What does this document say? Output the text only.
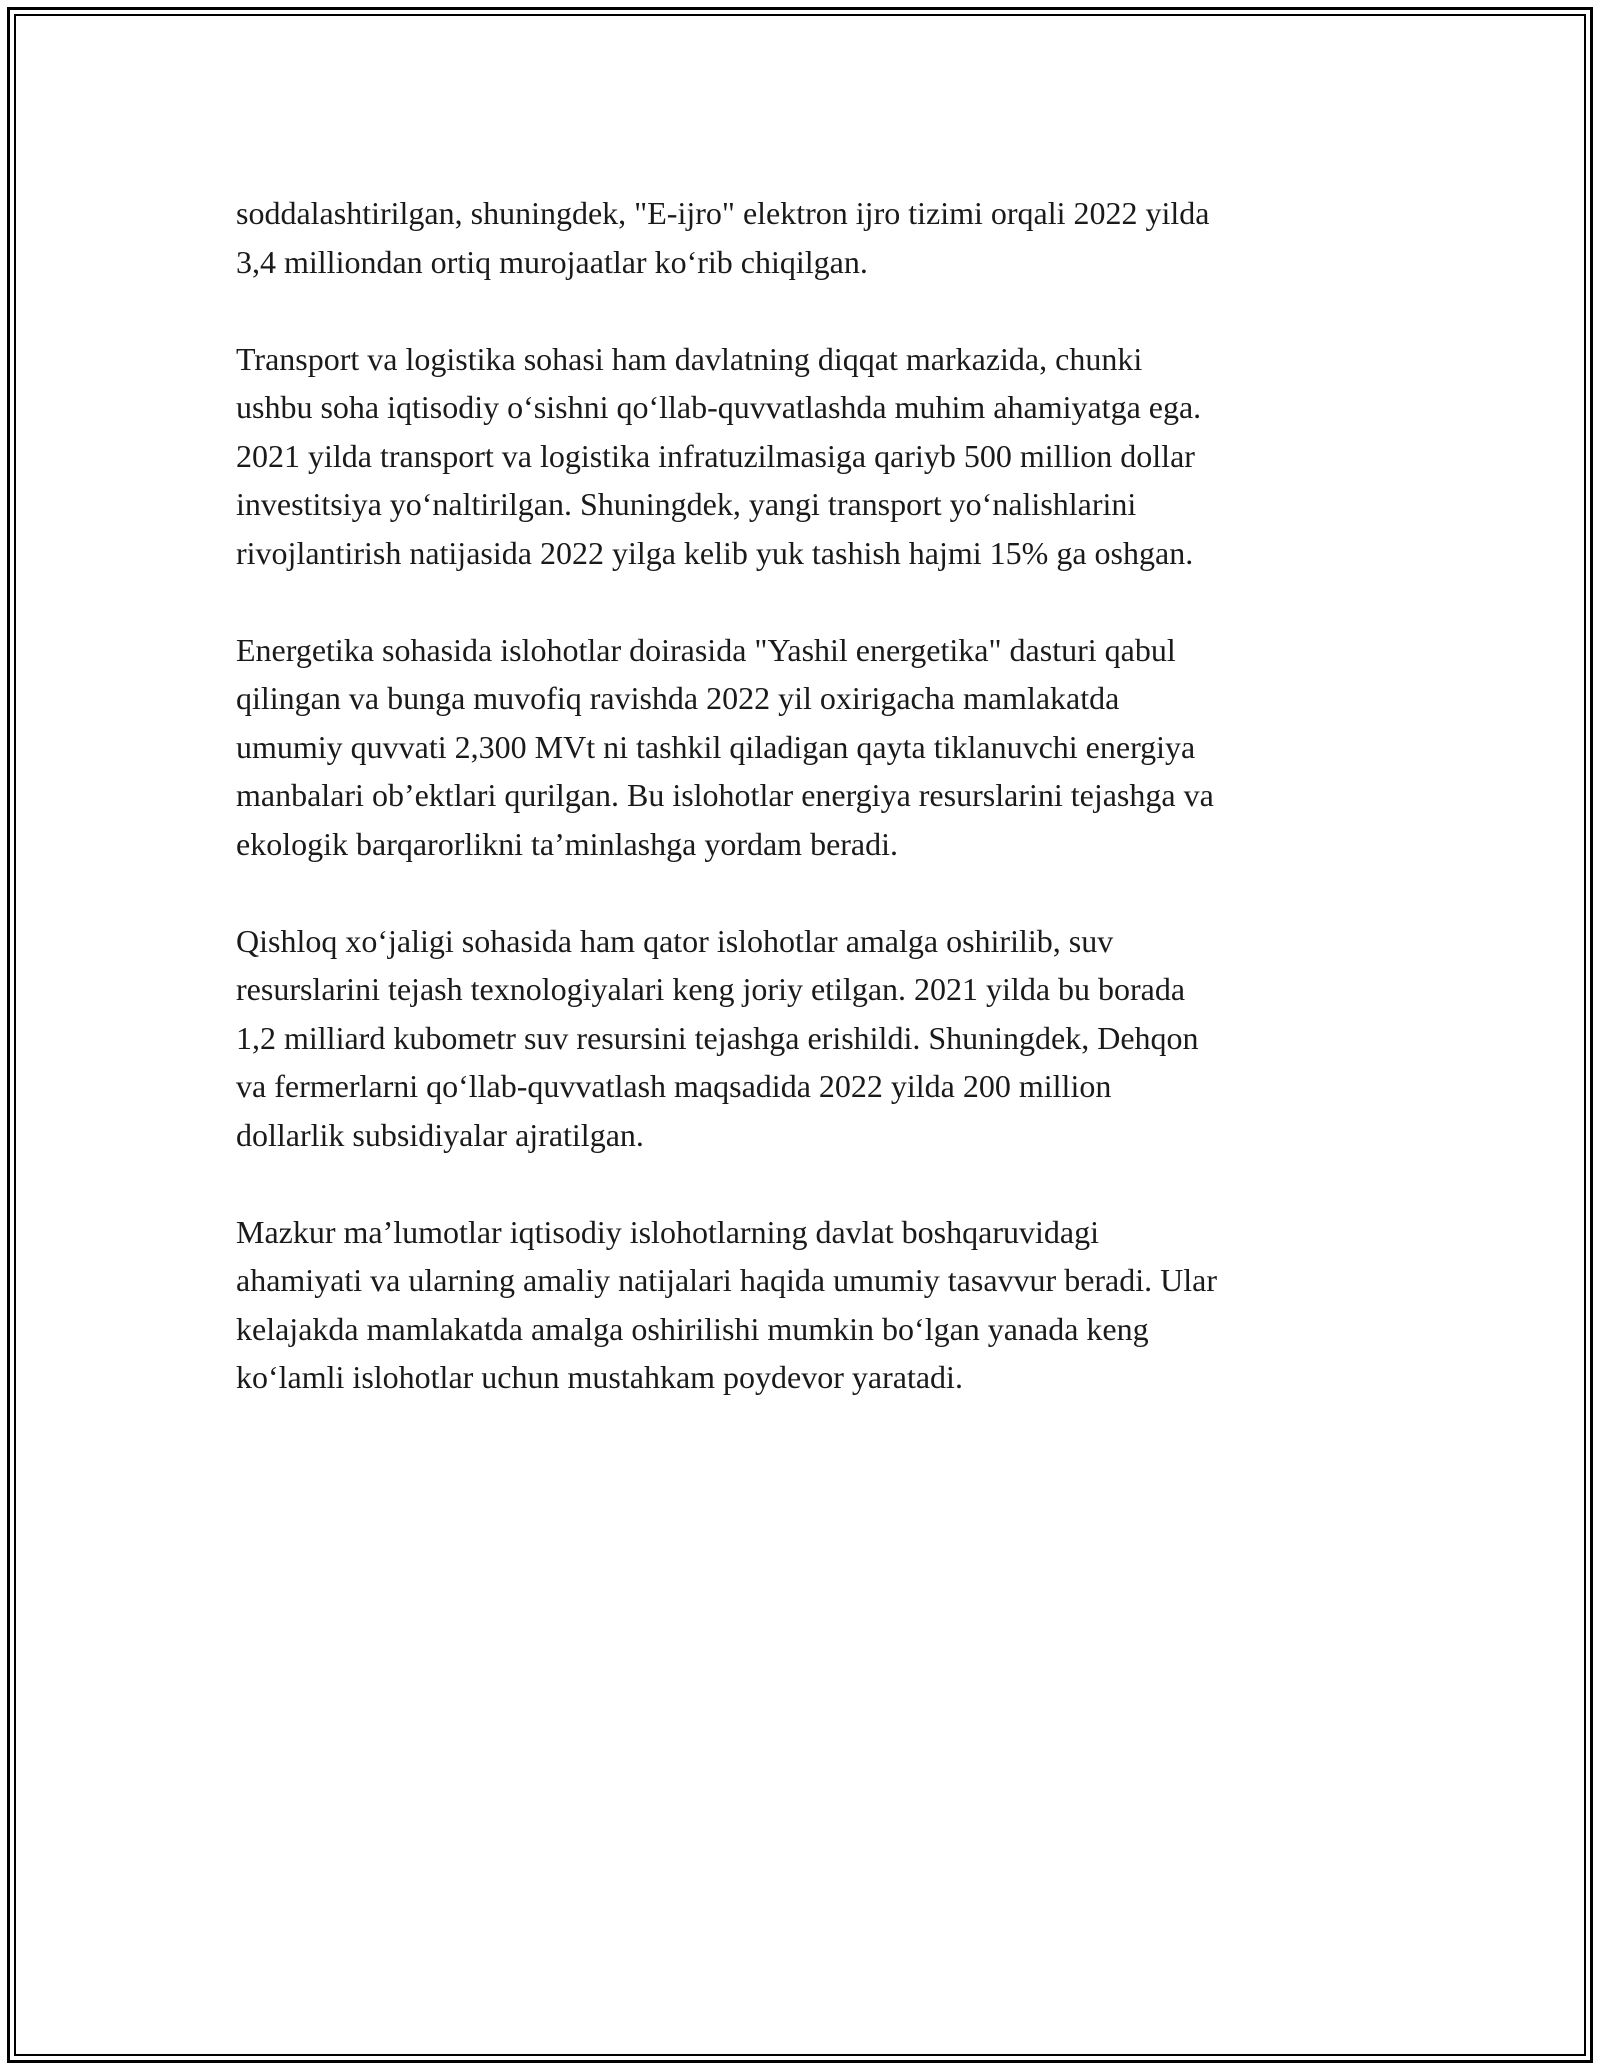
soddalashtirilgan, shuningdek, "E-ijro" elektron ijro tizimi orqali 2022 yilda
3,4 milliondan ortiq murojaatlar ko‘rib chiqilgan.

Transport va logistika sohasi ham davlatning diqqat markazida, chunki
ushbu soha iqtisodiy o‘sishni qo‘llab-quvvatlashda muhim ahamiyatga ega.
2021 yilda transport va logistika infratuzilmasiga qariyb 500 million dollar
investitsiya yo‘naltirilgan. Shuningdek, yangi transport yo‘nalishlarini
rivojlantirish natijasida 2022 yilga kelib yuk tashish hajmi 15% ga oshgan.

Energetika sohasida islohotlar doirasida "Yashil energetika" dasturi qabul
qilingan va bunga muvofiq ravishda 2022 yil oxirigacha mamlakatda
umumiy quvvati 2,300 MVt ni tashkil qiladigan qayta tiklanuvchi energiya
manbalari ob’ektlari qurilgan. Bu islohotlar energiya resurslarini tejashga va
ekologik barqarorlikni ta’minlashga yordam beradi.

Qishloq xo‘jaligi sohasida ham qator islohotlar amalga oshirilib, suv
resurslarini tejash texnologiyalari keng joriy etilgan. 2021 yilda bu borada
1,2 milliard kubometr suv resursini tejashga erishildi. Shuningdek, Dehqon
va fermerlarni qo‘llab-quvvatlash maqsadida 2022 yilda 200 million
dollarlik subsidiyalar ajratilgan.

Mazkur ma’lumotlar iqtisodiy islohotlarning davlat boshqaruvidagi
ahamiyati va ularning amaliy natijalari haqida umumiy tasavvur beradi. Ular
kelajakda mamlakatda amalga oshirilishi mumkin bo‘lgan yanada keng
ko‘lamli islohotlar uchun mustahkam poydevor yaratadi.
